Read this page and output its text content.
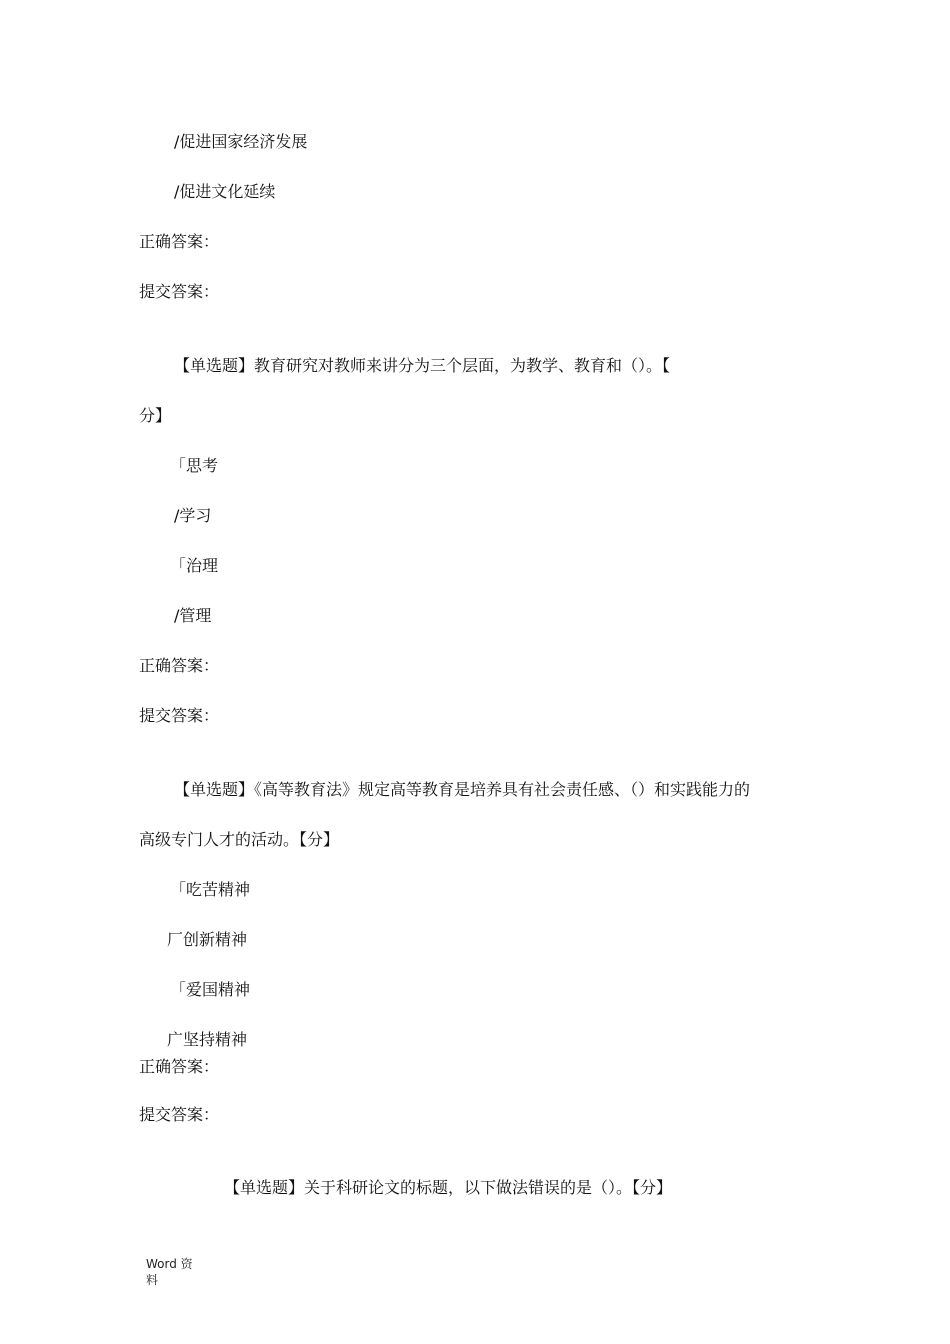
/促进国家经济发展
/促进文化延续
正确答案：
提交答案：
【单选题】教育研究对教师来讲分为三个层面，为教学、教育和（）。【
分】
「思考
/学习
「治理
/管理
正确答案：
提交答案：
【单选题】《高等教育法》规定高等教育是培养具有社会责任感、（）和实践能力的
高级专门人才的活动。【分】
「吃苦精神
厂创新精神
「爱国精神
广坚持精神
正确答案：
提交答案：
【单选题】关于科研论文的标题，以下做法错误的是（）。【分】
Word 资
料
